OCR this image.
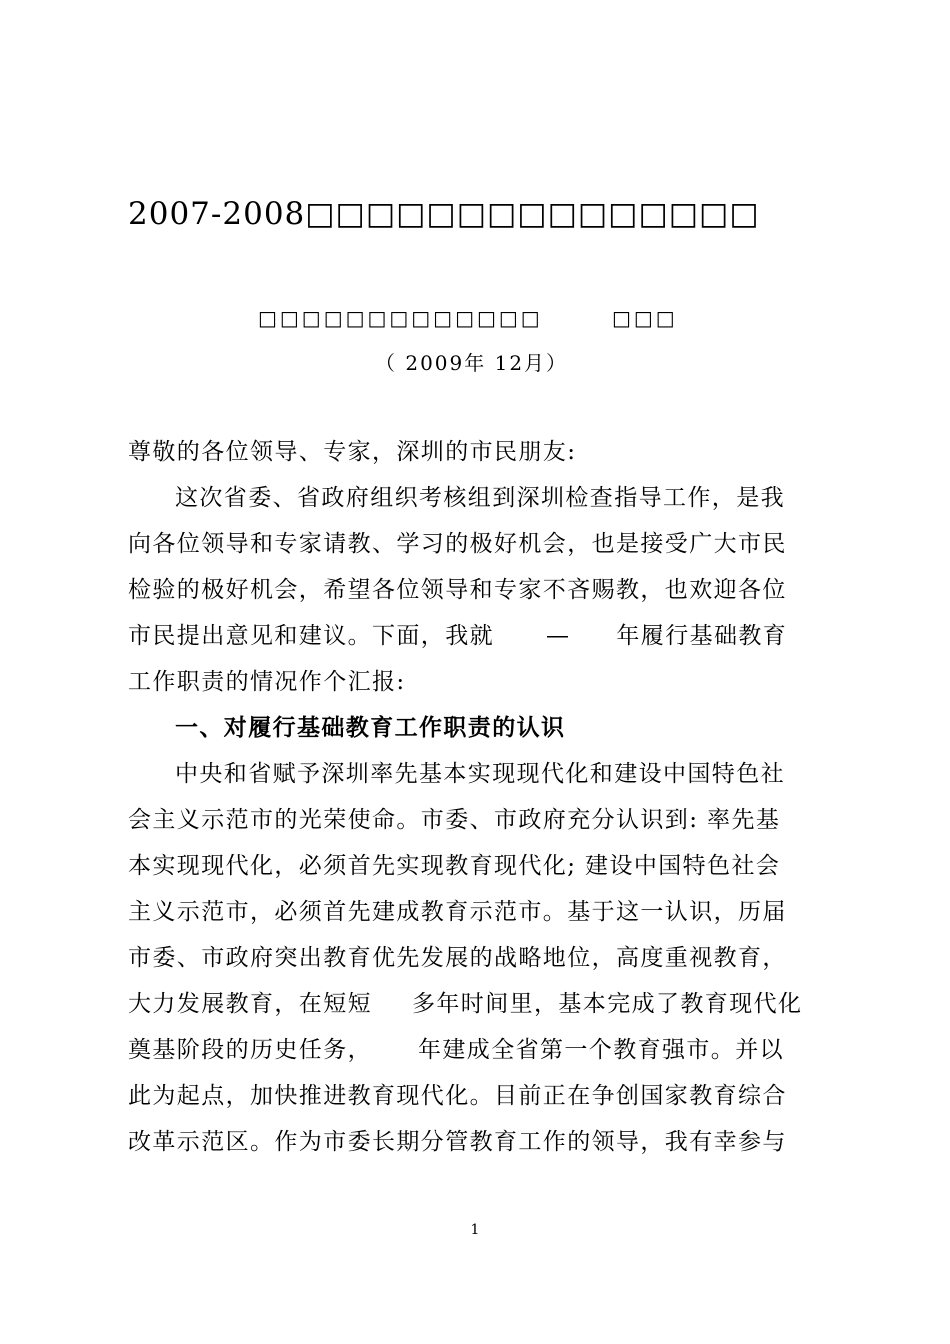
2007-2008□□□□□□□□□□□□□□□
□□□□□□□□□□□□□	□□□
（ 2009年 12月）
尊敬的各位领导、专家，深圳的市民朋友:
这次省委、省政府组织考核组到深圳检查指导工作，是我
向各位领导和专家请教、学习的极好机会，也是接受广大市民
检验的极好机会，希望各位领导和专家不吝赐教，也欢迎各位
市民提出意见和建议。下面，我就 — 年履行基础教育
工作职责的情况作个汇报:
一、对履行基础教育工作职责的认识
中央和省赋予深圳率先基本实现现代化和建设中国特色社
会主义示范市的光荣使命。市委、市政府充分认识到: 率先基
本实现现代化，必须首先实现教育现代化; 建设中国特色社会
主义示范市，必须首先建成教育示范市。基于这一认识，历届
市委、市政府突出教育优先发展的战略地位，高度重视教育，
大力发展教育，在短短 多年时间里，基本完成了教育现代化
奠基阶段的历史任务， 年建成全省第一个教育强市。并以
此为起点，加快推进教育现代化。目前正在争创国家教育综合
改革示范区。作为市委长期分管教育工作的领导，我有幸参与
1
